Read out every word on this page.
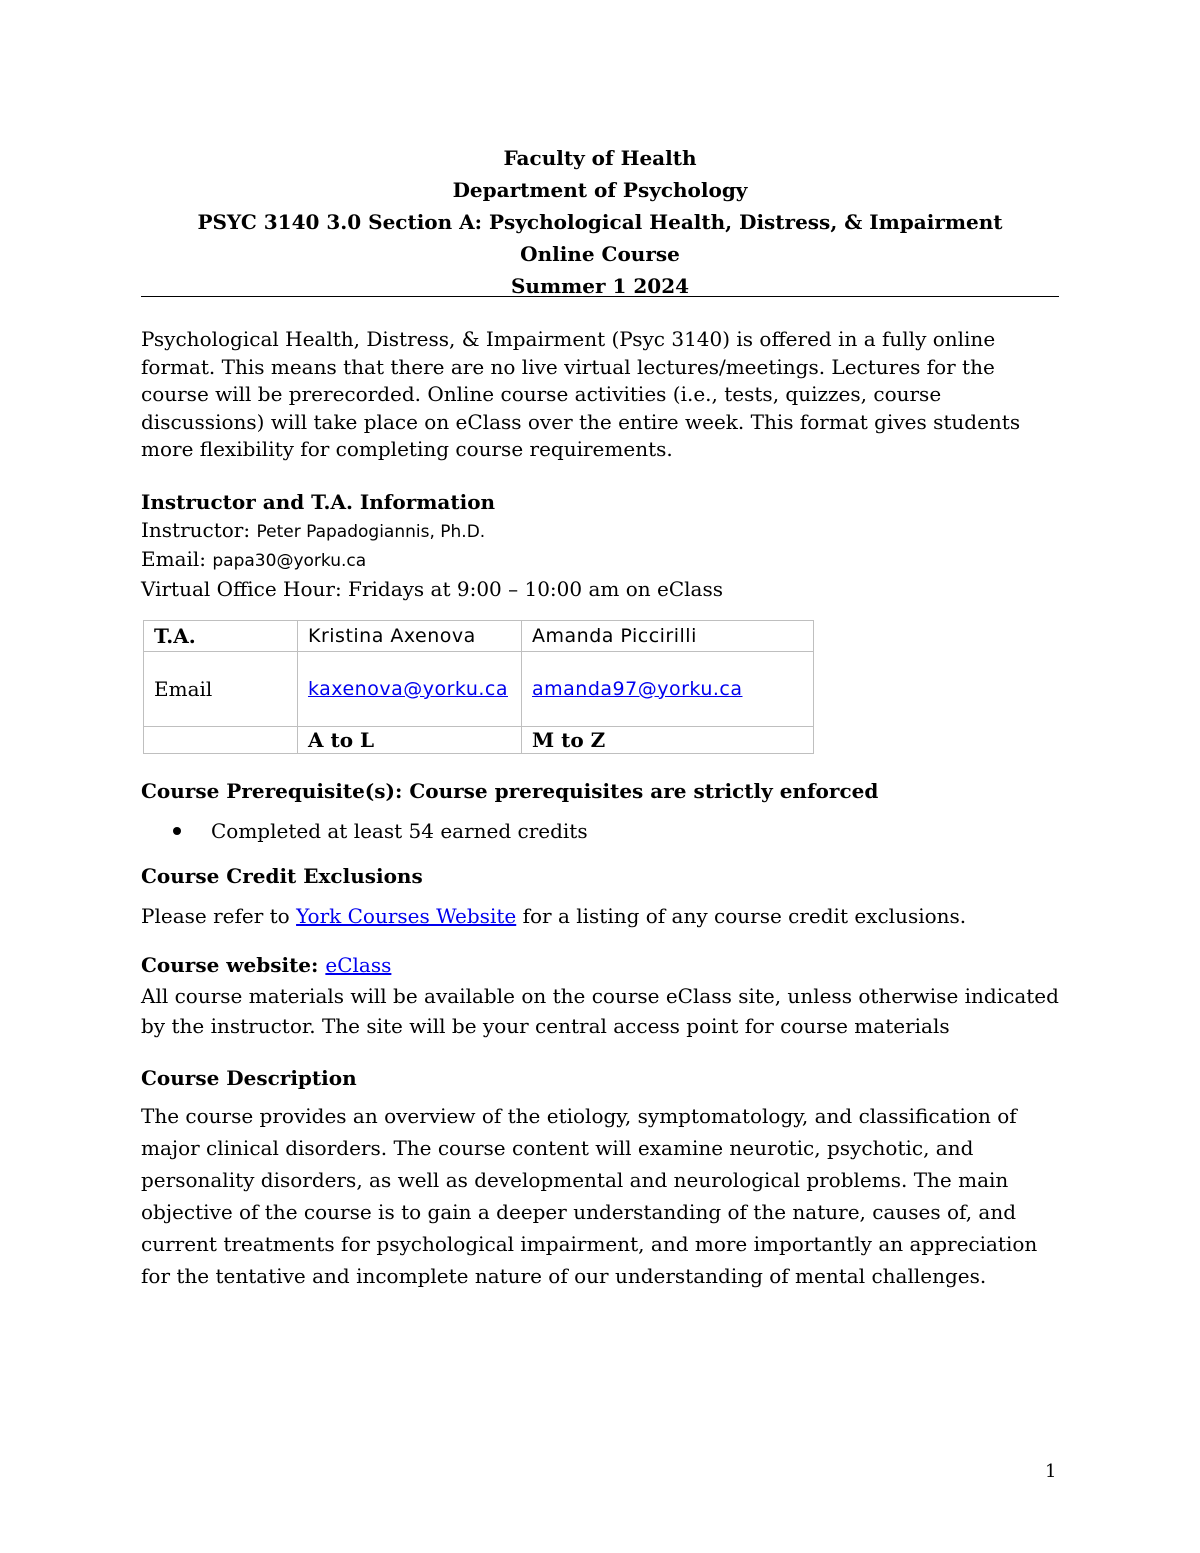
Faculty of Health
Department of Psychology
PSYC 3140 3.0 Section A: Psychological Health, Distress, & Impairment
Online Course
Summer 1 2024
Psychological Health, Distress, & Impairment (Psyc 3140) is offered in a fully online format. This means that there are no live virtual lectures/meetings. Lectures for the course will be prerecorded. Online course activities (i.e., tests, quizzes, course discussions) will take place on eClass over the entire week. This format gives students more flexibility for completing course requirements.
Instructor and T.A. Information
Instructor: Peter Papadogiannis, Ph.D.
Email: papa30@yorku.ca
Virtual Office Hour: Fridays at 9:00 – 10:00 am on eClass
T.A.	Kristina Axenova	Amanda Piccirilli
Email	kaxenova@yorku.ca	amanda97@yorku.ca
	A to L	M to Z
Course Prerequisite(s): Course prerequisites are strictly enforced
Completed at least 54 earned credits
Course Credit Exclusions

Please refer to York Courses Website for a listing of any course credit exclusions.

Course website: eClass
All course materials will be available on the course eClass site, unless otherwise indicated by the instructor. The site will be your central access point for course materials
Course Description
The course provides an overview of the etiology, symptomatology, and classification of major clinical disorders. The course content will examine neurotic, psychotic, and personality disorders, as well as developmental and neurological problems. The main objective of the course is to gain a deeper understanding of the nature, causes of, and current treatments for psychological impairment, and more importantly an appreciation for the tentative and incomplete nature of our understanding of mental challenges.
1
